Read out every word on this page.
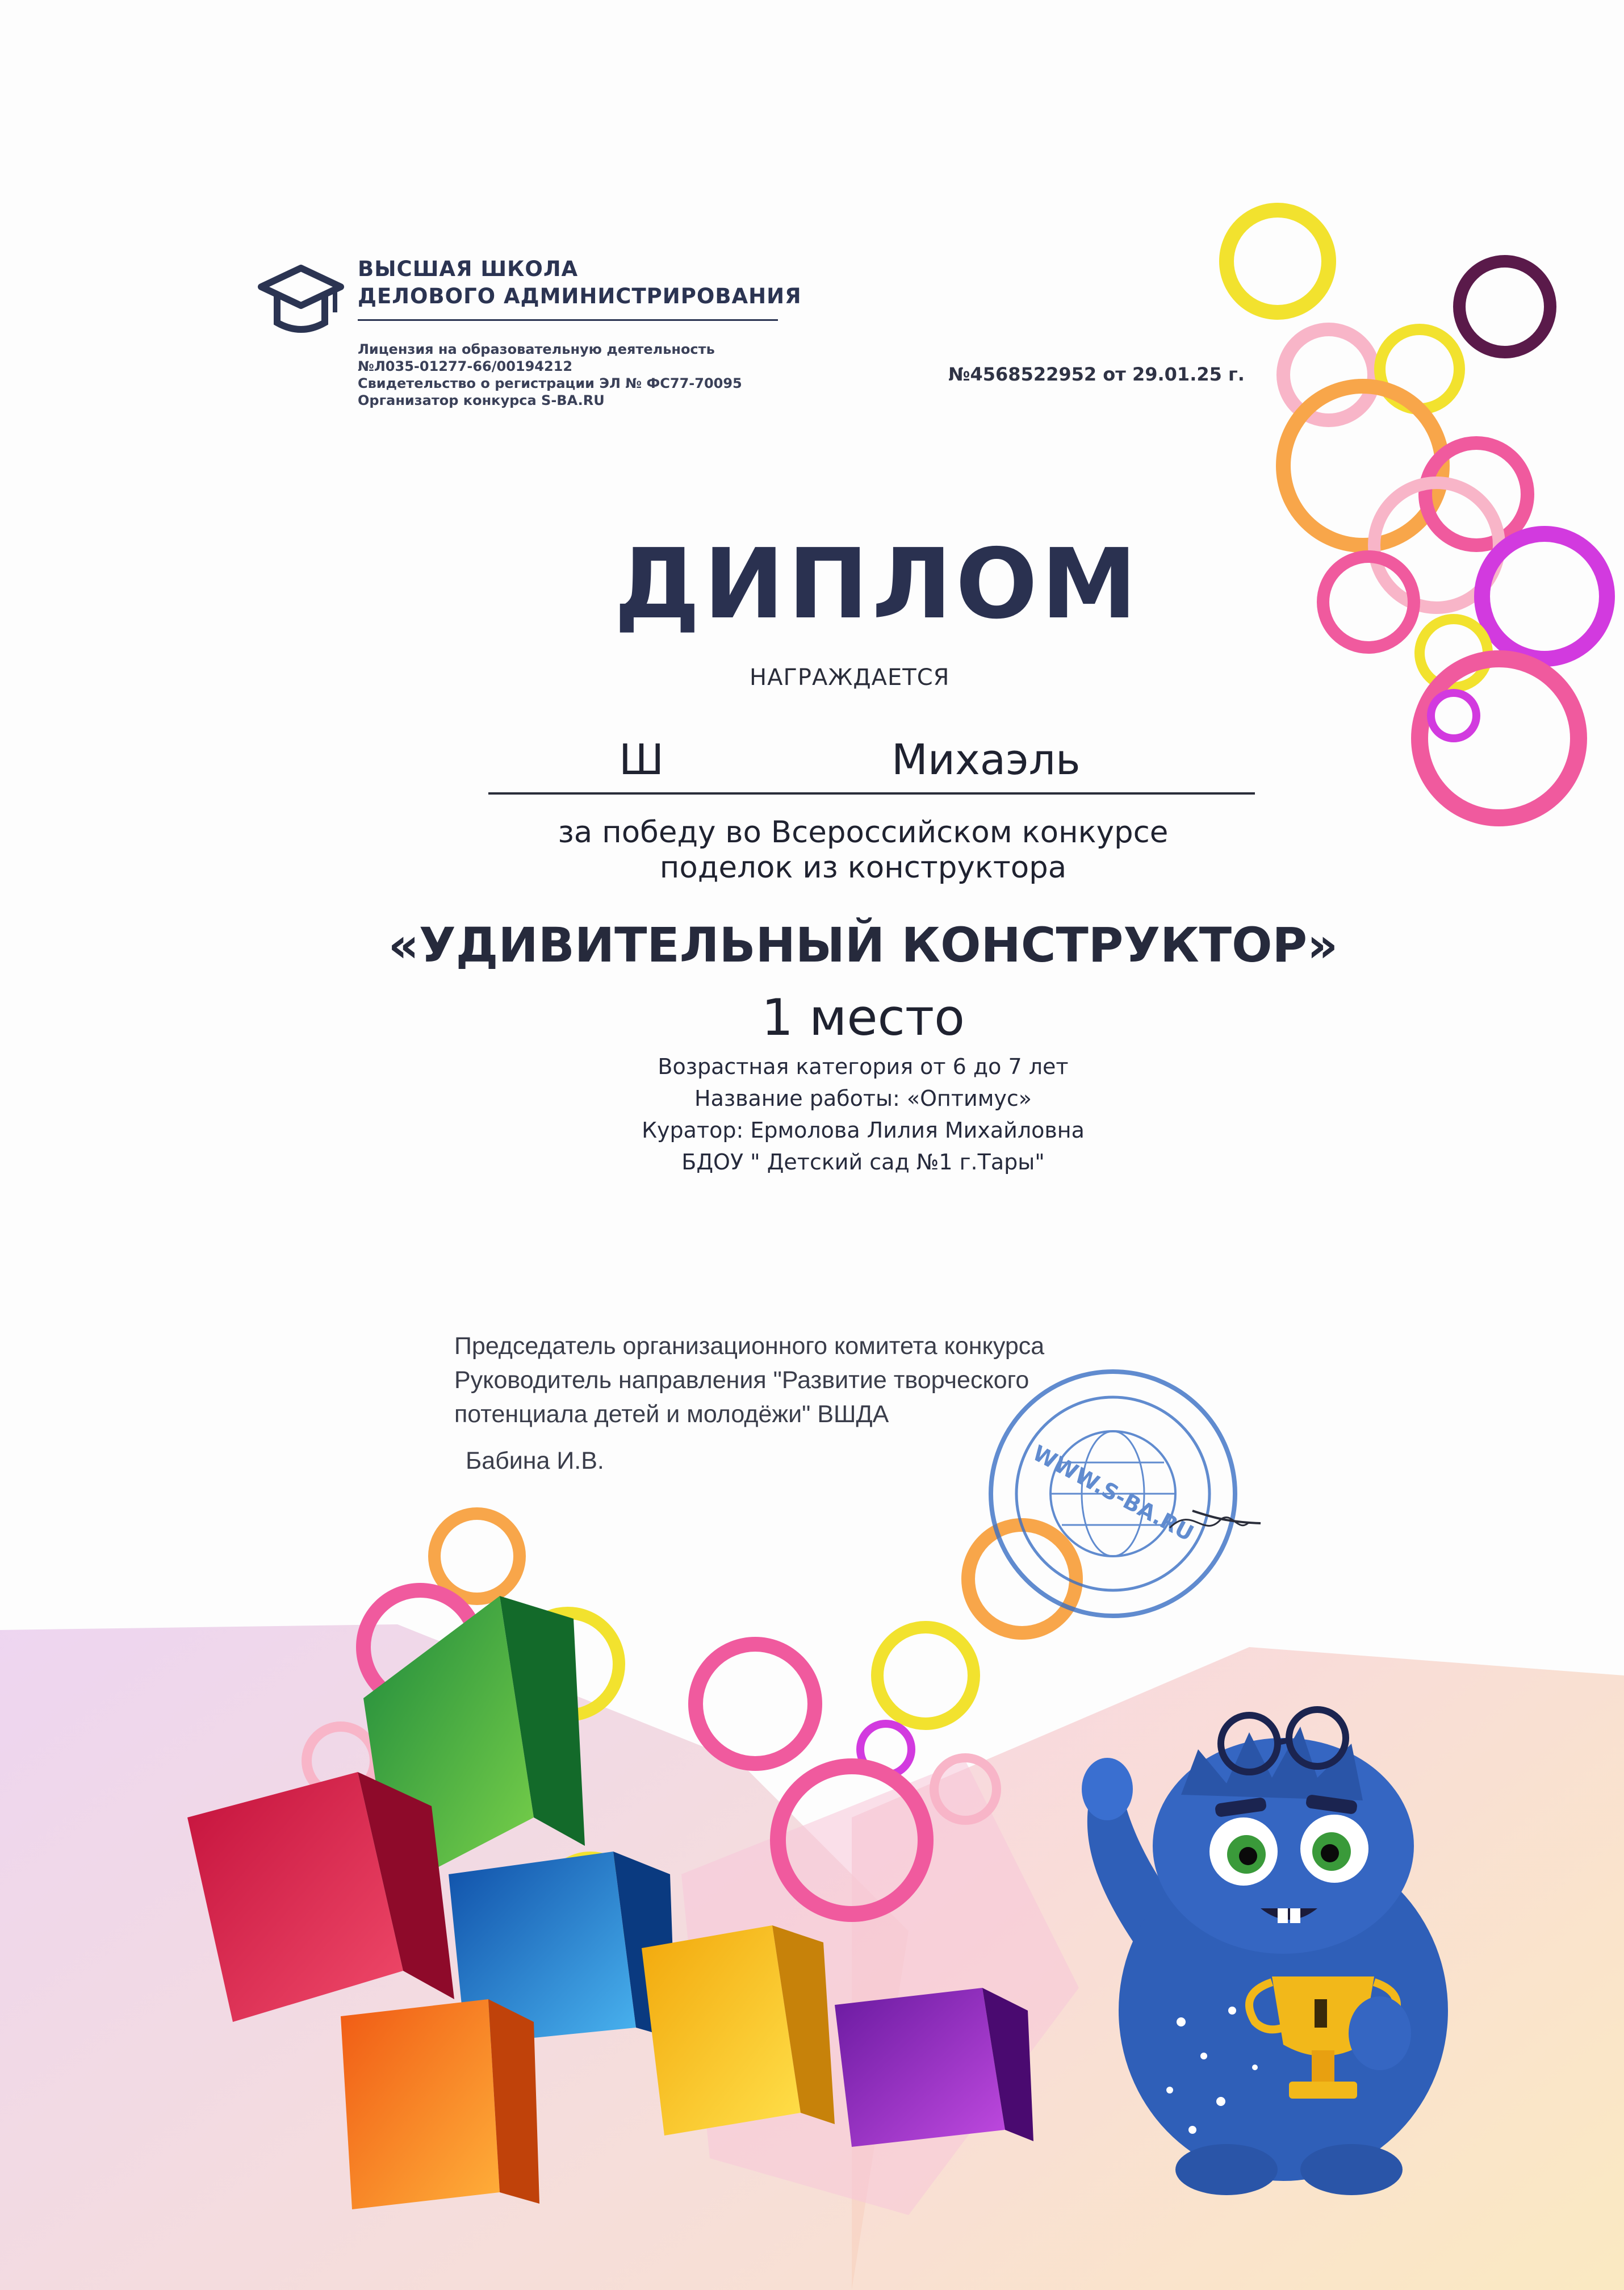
ВЫСШАЯ ШКОЛА
ДЕЛОВОГО АДМИНИСТРИРОВАНИЯ
Лицензия на образовательную деятельность
№Л035-01277-66/00194212
Свидетельство о регистрации ЭЛ № ФС77-70095
Организатор конкурса S-BA.RU
№4568522952 от 29.01.25 г.
ДИПЛОМ
НАГРАЖДАЕТСЯ
Ш	Михаэль
за победу во Всероссийском конкурсе
поделок из конструктора
«УДИВИТЕЛЬНЫЙ КОНСТРУКТОР»
1 место
Возрастная категория от 6 до 7 лет
Название работы: «Оптимус»
Куратор: Ермолова Лилия Михайловна
БДОУ " Детский сад №1 г.Тары"
Председатель организационного комитета конкурса
Руководитель направления "Развитие творческого
потенциала детей и молодёжи" ВШДА
Бабина И.В.	WWW.S-BA.RU
